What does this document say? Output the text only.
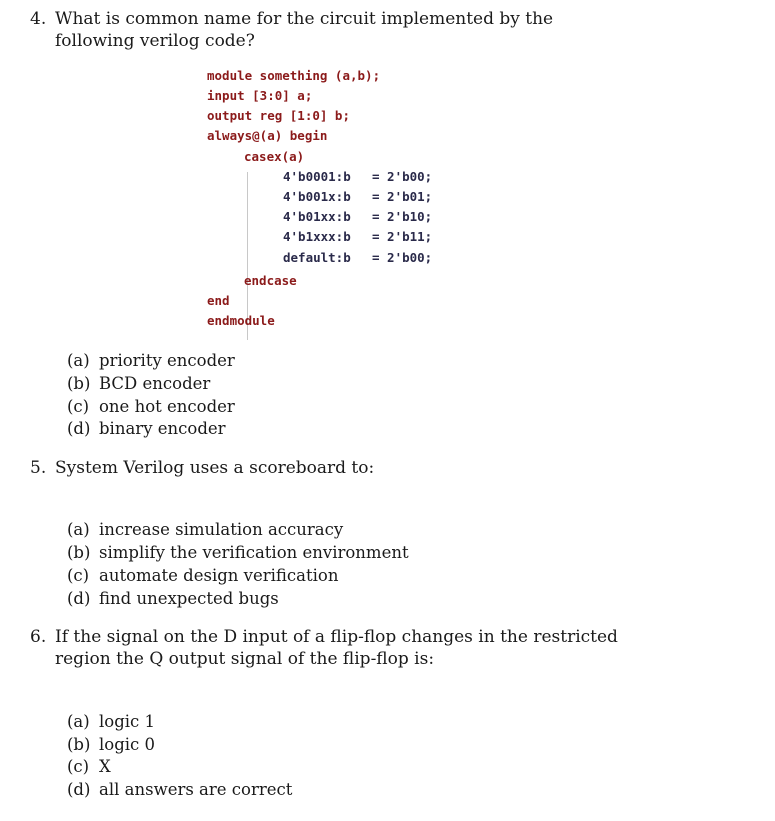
4. What is common name for the circuit implemented by the following verilog code?
module something (a,b);
input [3:0] a;
output reg [1:0] b;
always@(a) begin
casex(a)
4'b0001:b = 2'b00;
4'b001x:b = 2'b01;
4'b01xx:b = 2'b10;
4'b1xxx:b = 2'b11;
default:b = 2'b00;
endcase
end
endmodule
(a) priority encoder
(b) BCD encoder
(c) one hot encoder
(d) binary encoder
5. System Verilog uses a scoreboard to:
(a) increase simulation accuracy
(b) simplify the verification environment
(c) automate design verification
(d) find unexpected bugs
6. If the signal on the D input of a flip-flop changes in the restricted region the Q output signal of the flip-flop is:
(a) logic 1
(b) logic 0
(c) X
(d) all answers are correct
